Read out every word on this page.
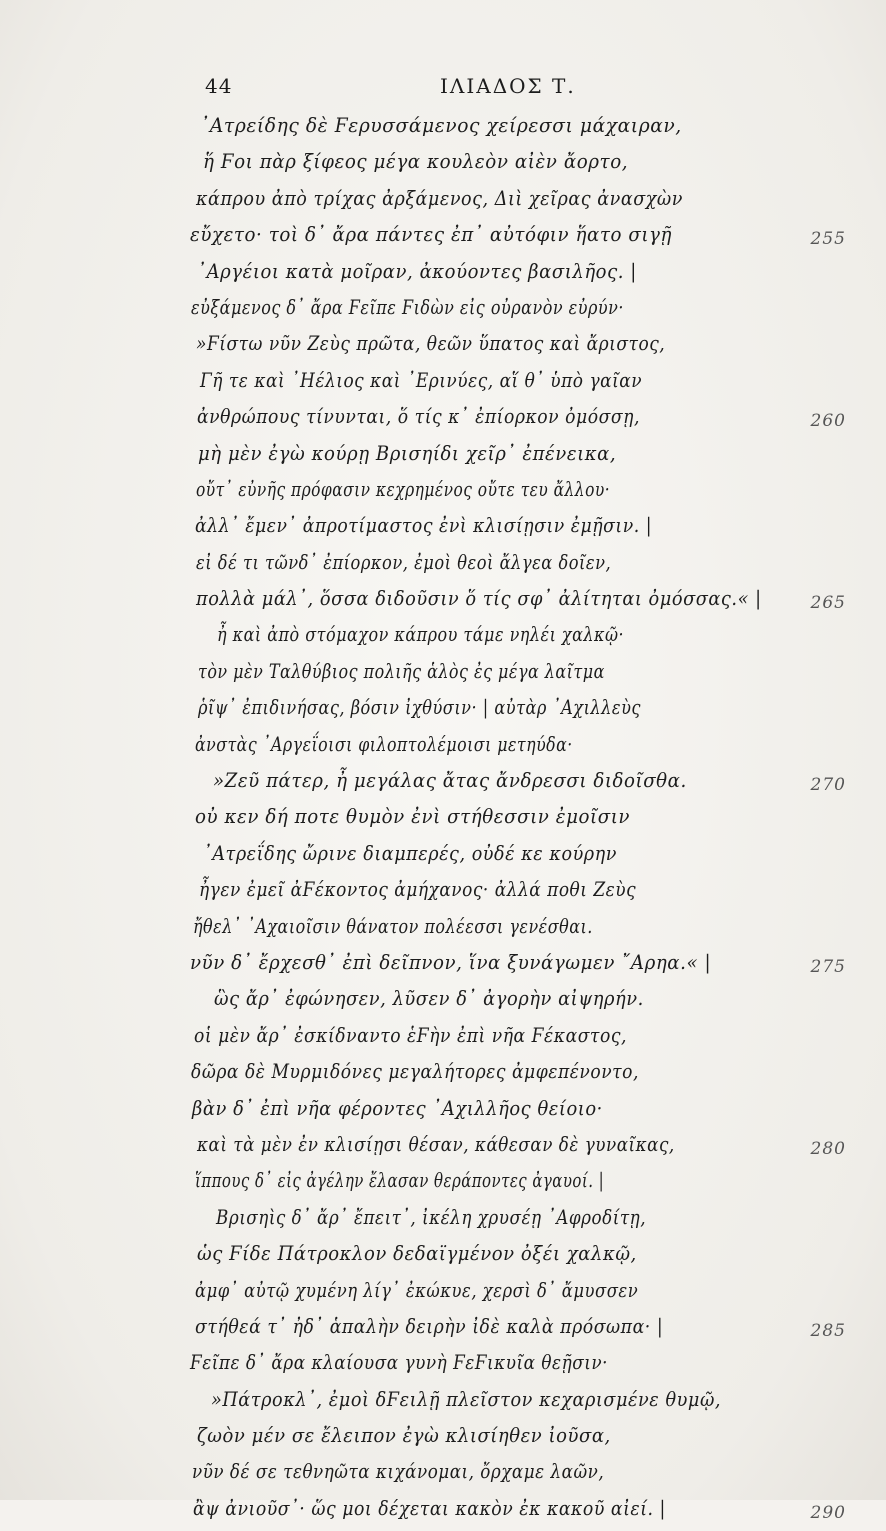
44	ΙΛΙΑΔΟΣ Τ.
᾿Ατρείδης δὲ Ϝερυσσάμενος χείρεσσι μάχαιραν,
ἥ Ϝοι πὰρ ξίφεος μέγα κουλεὸν αἰὲν ἄορτο,
κάπρου ἀπὸ τρίχας ἀρξάμενος, Διὶ χεῖρας ἀνασχὼν
εὔχετο· τοὶ δ᾿ ἄρα πάντες ἐπ᾿ αὐτόφιν ἥατο σιγῇ	255
᾿Αργέιοι κατὰ μοῖραν, ἀκούοντες βασιλῆος. |
εὐξάμενος δ᾿ ἄρα Ϝεῖπε Ϝιδὼν εἰς οὐρανὸν εὐρύν·
»Ϝίστω νῦν Ζεὺς πρῶτα, θεῶν ὕπατος καὶ ἄριστος,
Γῆ τε καὶ ᾿Ηέλιος καὶ ᾿Ερινύες, αἵ θ᾿ ὑπὸ γαῖαν
ἀνθρώπους τίνυνται, ὅ τίς κ᾿ ἐπίορκον ὀμόσσῃ,	260
μὴ μὲν ἐγὼ κούρῃ Βρισηίδι χεῖρ᾿ ἐπένεικα,
οὔτ᾿ εὐνῆς πρόφασιν κεχρημένος οὔτε τευ ἄλλου·
ἀλλ᾿ ἔμεν᾿ ἀπροτίμαστος ἐνὶ κλισίῃσιν ἐμῇσιν. |
εἰ δέ τι τῶνδ᾿ ἐπίορκον, ἐμοὶ θεοὶ ἄλγεα δοῖεν,
πολλὰ μάλ᾿, ὅσσα διδοῦσιν ὅ τίς σφ᾿ ἀλίτηται ὀμόσσας.« |	265
ἦ καὶ ἀπὸ στόμαχον κάπρου τάμε νηλέι χαλκῷ·
τὸν μὲν Ταλθύβιος πολιῆς ἁλὸς ἐς μέγα λαῖτμα
ῥῖψ᾿ ἐπιδινήσας, βόσιν ἰχθύσιν· | αὐτὰρ ᾿Αχιλλεὺς
ἀνστὰς ᾿Αργεΐοισι φιλοπτολέμοισι μετηύδα·
»Ζεῦ πάτερ, ἦ μεγάλας ἄτας ἄνδρεσσι διδοῖσθα.	270
οὐ κεν δή ποτε θυμὸν ἐνὶ στήθεσσιν ἐμοῖσιν
᾿Ατρεΐδης ὤρινε διαμπερές, οὐδέ κε κούρην
ἦγεν ἐμεῖ ἀϜέκοντος ἀμήχανος· ἀλλά ποθι Ζεὺς
ἤθελ᾿ ᾿Αχαιοῖσιν θάνατον πολέεσσι γενέσθαι.
νῦν δ᾿ ἔρχεσθ᾿ ἐπὶ δεῖπνον, ἵνα ξυνάγωμεν ῎Αρηα.« |	275
ὣς ἄρ᾿ ἐφώνησεν, λῦσεν δ᾿ ἀγορὴν αἰψηρήν.
οἱ μὲν ἄρ᾿ ἐσκίδναντο ἑϜὴν ἐπὶ νῆα Ϝέκαστος,
δῶρα δὲ Μυρμιδόνες μεγαλήτορες ἀμφεπένοντο,
βὰν δ᾿ ἐπὶ νῆα φέροντες ᾿Αχιλλῆος θείοιο·
καὶ τὰ μὲν ἐν κλισίῃσι θέσαν, κάθεσαν δὲ γυναῖκας,	280
ἵππους δ᾿ εἰς ἀγέλην ἔλασαν θεράποντες ἀγαυοί. |
Βρισηὶς δ᾿ ἄρ᾿ ἔπειτ᾿, ἰκέλη χρυσέῃ ᾿Αφροδίτῃ,
ὡς Ϝίδε Πάτροκλον δεδαϊγμένον ὀξέι χαλκῷ,
ἀμφ᾿ αὐτῷ χυμένη λίγ᾿ ἐκώκυε, χερσὶ δ᾿ ἄμυσσεν
στήθεά τ᾿ ἠδ᾿ ἁπαλὴν δειρὴν ἰδὲ καλὰ πρόσωπα· |	285
Ϝεῖπε δ᾿ ἄρα κλαίουσα γυνὴ ϜεϜικυῖα θεῇσιν·
»Πάτροκλ᾿, ἐμοὶ δϜειλῇ πλεῖστον κεχαρισμένε θυμῷ,
ζωὸν μέν σε ἔλειπον ἐγὼ κλισίηθεν ἰοῦσα,
νῦν δέ σε τεθνηῶτα κιχάνομαι, ὄρχαμε λαῶν,
ἂψ ἀνιοῦσ᾿· ὥς μοι δέχεται κακὸν ἐκ κακοῦ αἰεί. |	290
